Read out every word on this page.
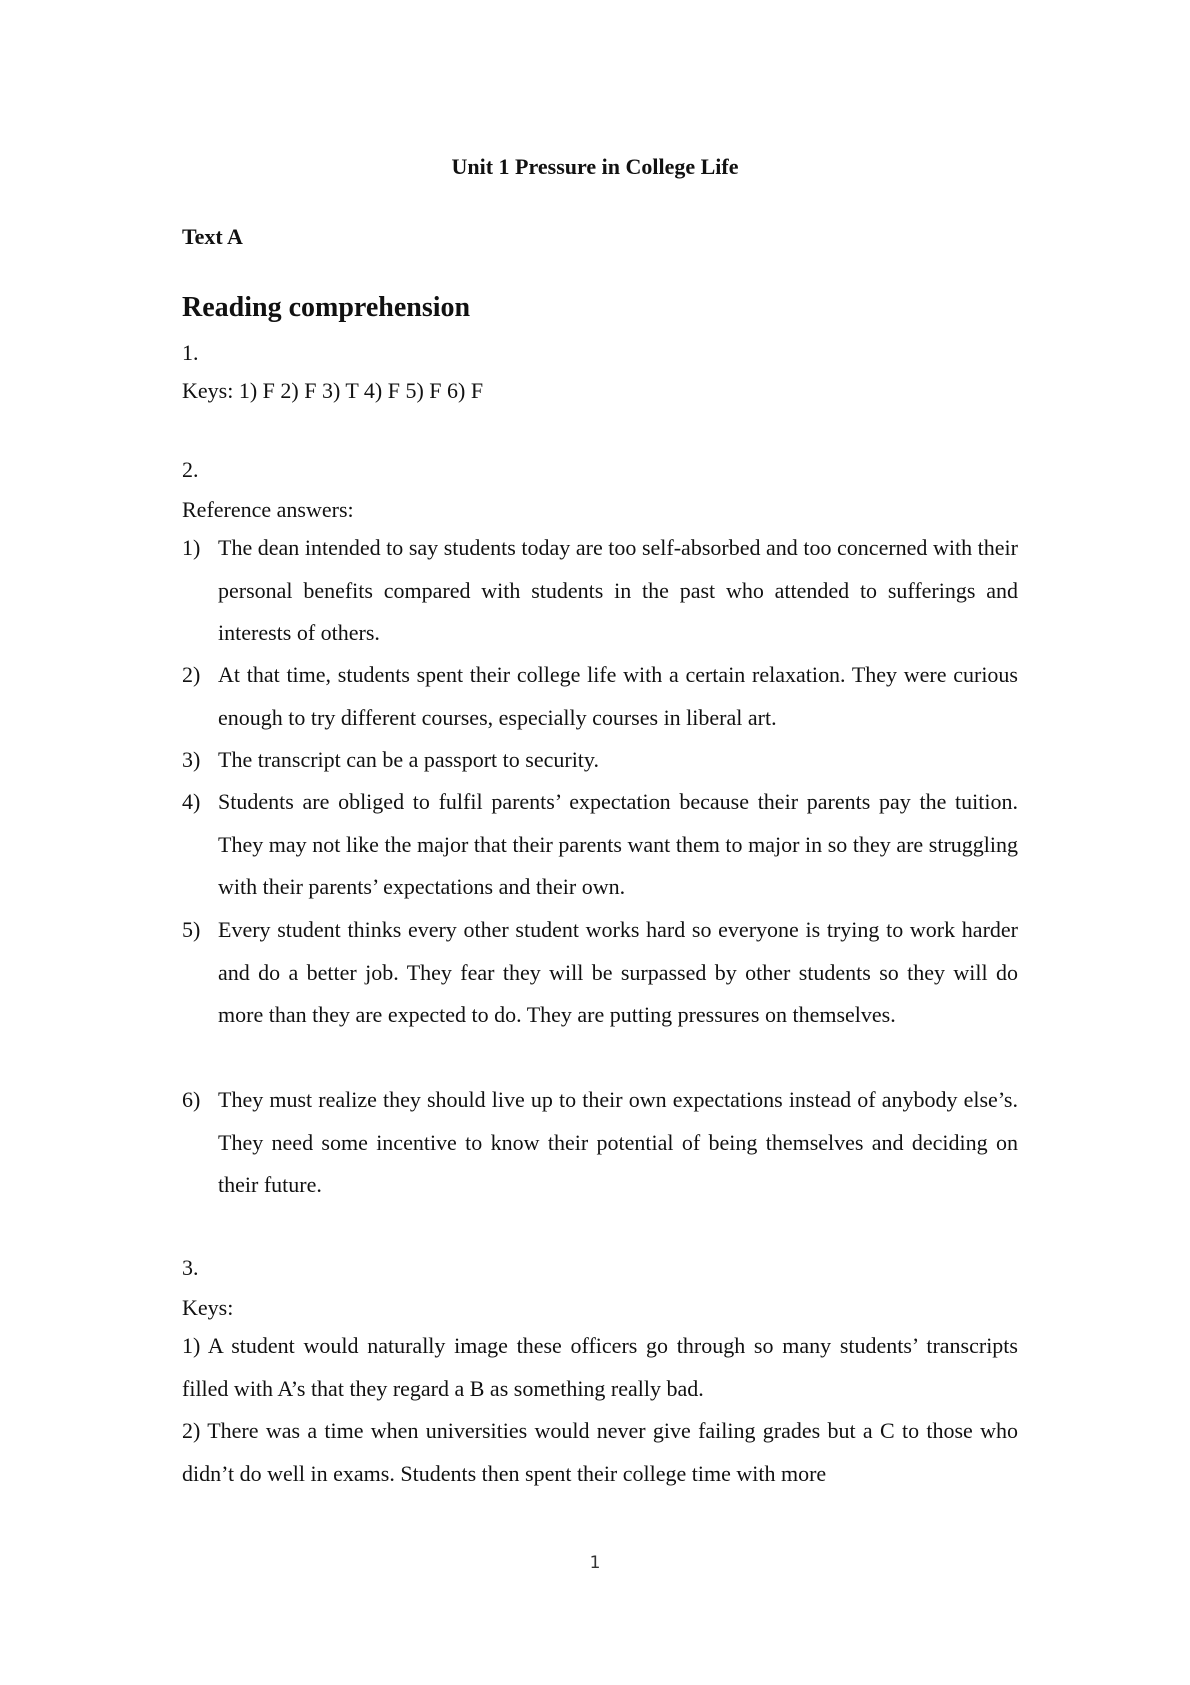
Unit 1 Pressure in College Life
Text A
Reading comprehension
1.
Keys: 1) F 2) F 3) T 4) F 5) F 6) F
2.
Reference answers:
1) The dean intended to say students today are too self-absorbed and too concerned with their personal benefits compared with students in the past who attended to sufferings and interests of others.
2) At that time, students spent their college life with a certain relaxation. They were curious enough to try different courses, especially courses in liberal art.
3) The transcript can be a passport to security.
4) Students are obliged to fulfil parents’ expectation because their parents pay the tuition. They may not like the major that their parents want them to major in so they are struggling with their parents’ expectations and their own.
5) Every student thinks every other student works hard so everyone is trying to work harder and do a better job. They fear they will be surpassed by other students so they will do more than they are expected to do. They are putting pressures on themselves.
6) They must realize they should live up to their own expectations instead of anybody else’s. They need some incentive to know their potential of being themselves and deciding on their future.
3.
Keys:
1) A student would naturally image these officers go through so many students’ transcripts filled with A’s that they regard a B as something really bad.
2) There was a time when universities would never give failing grades but a C to those who didn’t do well in exams. Students then spent their college time with more
1
